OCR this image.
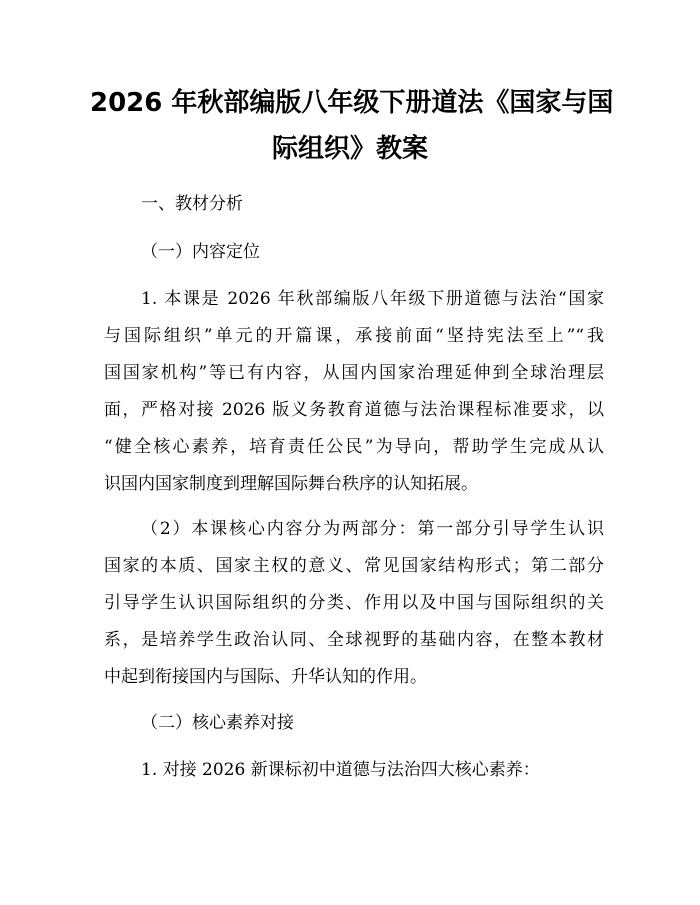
2026 年秋部编版八年级下册道法《国家与国
际组织》教案

一、教材分析

（一）内容定位

1. 本课是 2026 年秋部编版八年级下册道德与法治“国家

与国际组织”单元的开篇课，承接前面“坚持宪法至上”“我

国国家机构”等已有内容，从国内国家治理延伸到全球治理层

面，严格对接 2026 版义务教育道德与法治课程标准要求，以

“健全核心素养，培育责任公民”为导向，帮助学生完成从认

识国内国家制度到理解国际舞台秩序的认知拓展。

（2）本课核心内容分为两部分：第一部分引导学生认识

国家的本质、国家主权的意义、常见国家结构形式；第二部分

引导学生认识国际组织的分类、作用以及中国与国际组织的关

系，是培养学生政治认同、全球视野的基础内容，在整本教材

中起到衔接国内与国际、升华认知的作用。

（二）核心素养对接

1. 对接 2026 新课标初中道德与法治四大核心素养：
